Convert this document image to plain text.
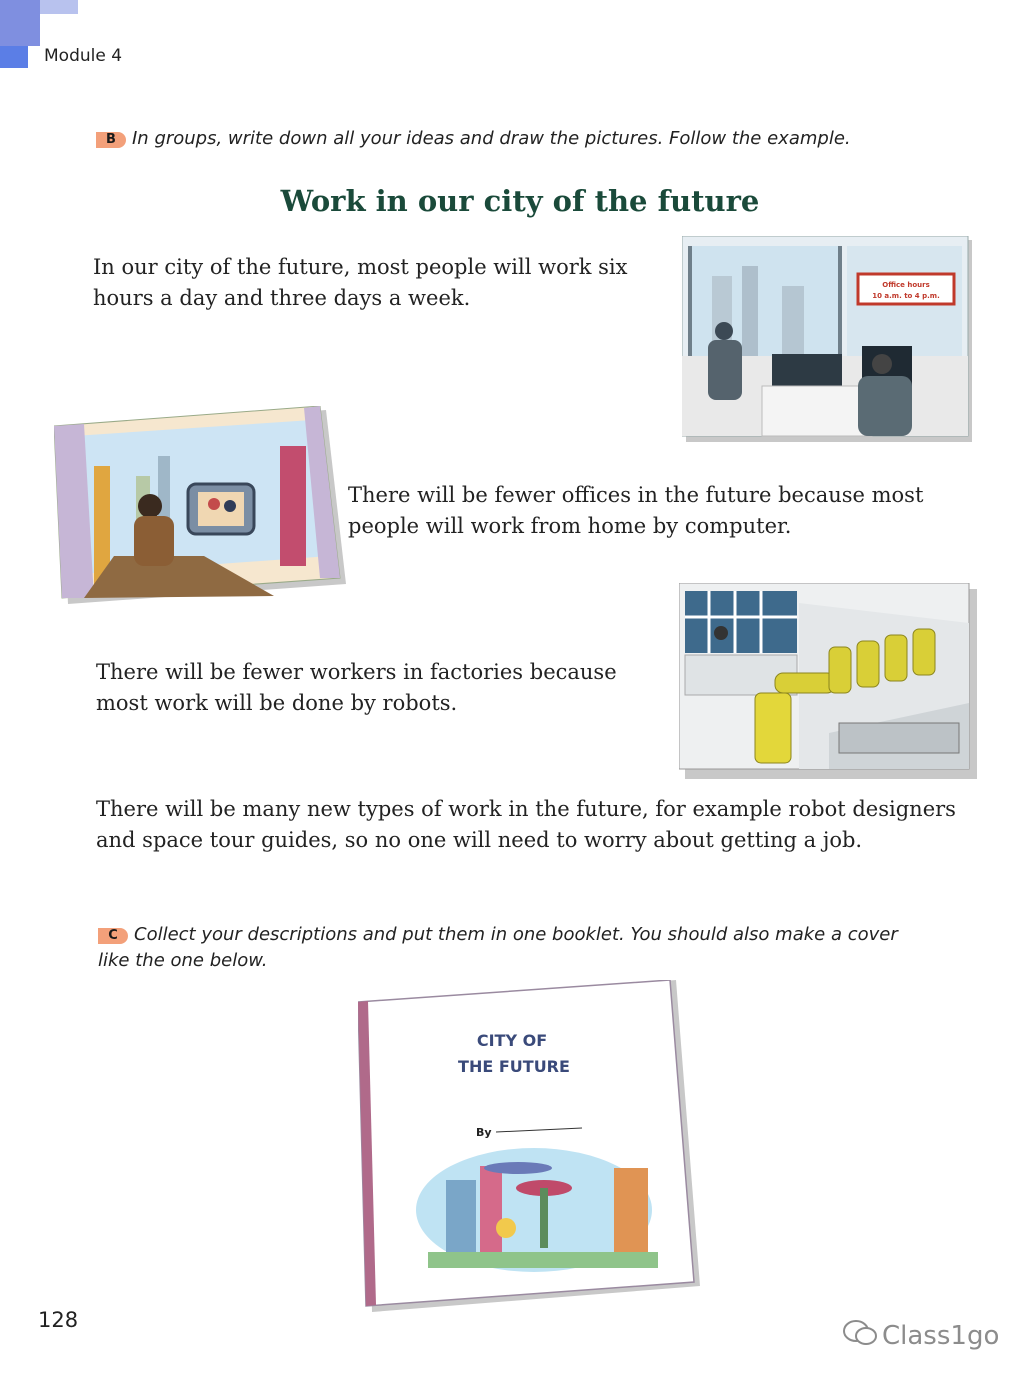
Module 4
B In groups, write down all your ideas and draw the pictures. Follow the example.
Work in our city of the future
In our city of the future, most people will work six hours a day and three days a week.
Office hours
10 a.m. to 4 p.m.
There will be fewer offices in the future because most people will work from home by computer.
There will be fewer workers in factories because most work will be done by robots.
There will be many new types of work in the future, for example robot designers and space tour guides, so no one will need to worry about getting a job.
C Collect your descriptions and put them in one booklet. You should also make a cover like the one below.
CITY OF
THE FUTURE
By
128
Class1go
